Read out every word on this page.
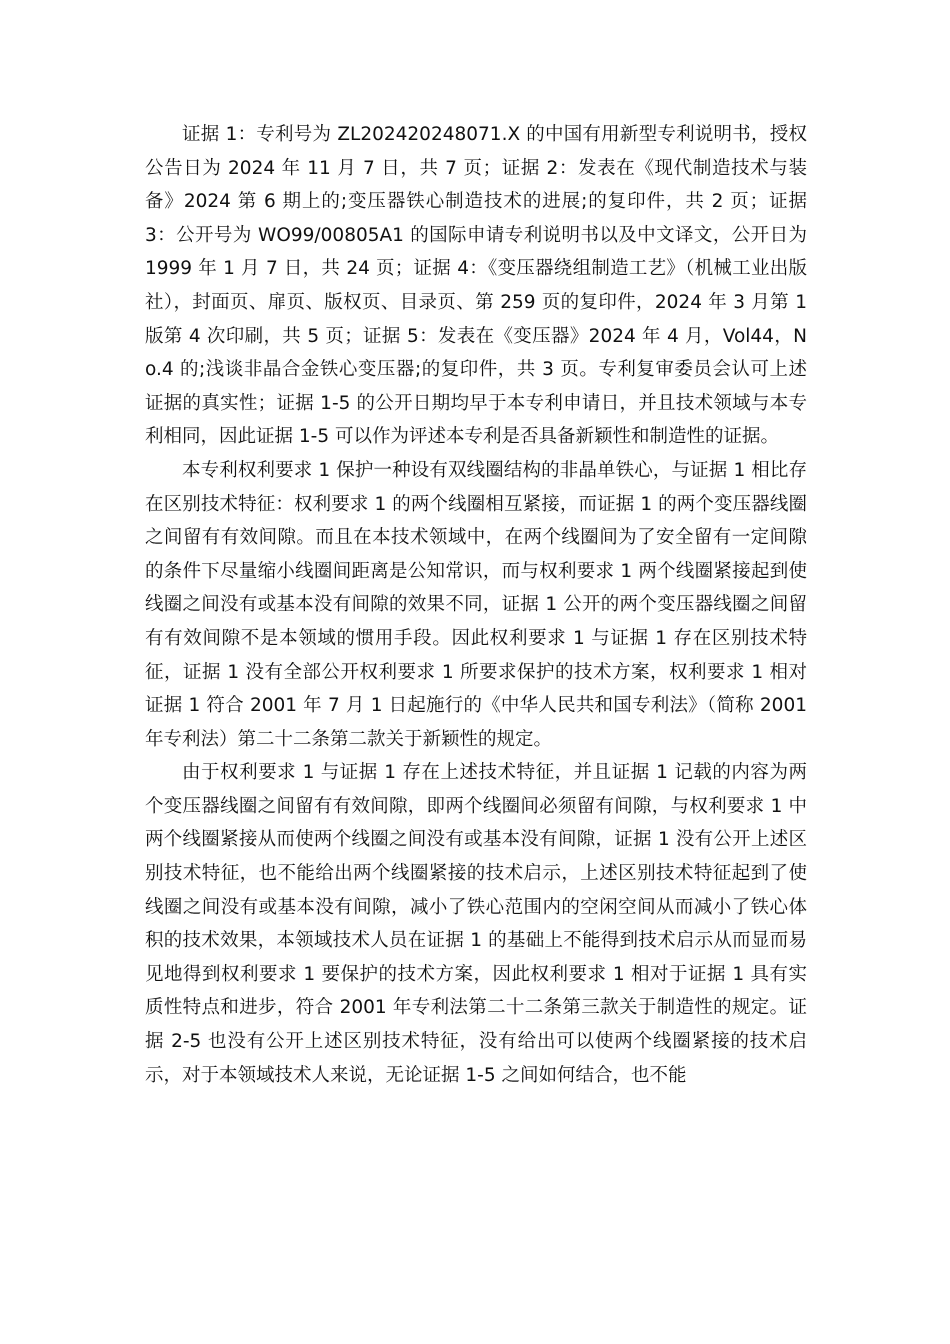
证据 1：专利号为 ZL202420248071.X 的中国有用新型专利说明书，授权公告日为 2024 年 11 月 7 日，共 7 页；证据 2：发表在《现代制造技术与装备》2024 第 6 期上的;变压器铁心制造技术的进展;的复印件，共 2 页；证据 3：公开号为 WO99/00805A1 的国际申请专利说明书以及中文译文，公开日为 1999 年 1 月 7 日，共 24 页；证据 4：《变压器绕组制造工艺》（机械工业出版社），封面页、扉页、版权页、目录页、第 259 页的复印件，2024 年 3 月第 1 版第 4 次印刷，共 5 页；证据 5：发表在《变压器》2024 年 4 月，Vol44，No.4 的;浅谈非晶合金铁心变压器;的复印件，共 3 页。专利复审委员会认可上述证据的真实性；证据 1-5 的公开日期均早于本专利申请日，并且技术领域与本专利相同，因此证据 1-5 可以作为评述本专利是否具备新颖性和制造性的证据。

本专利权利要求 1 保护一种设有双线圈结构的非晶单铁心，与证据 1 相比存在区别技术特征：权利要求 1 的两个线圈相互紧接，而证据 1 的两个变压器线圈之间留有有效间隙。而且在本技术领域中，在两个线圈间为了安全留有一定间隙的条件下尽量缩小线圈间距离是公知常识，而与权利要求 1 两个线圈紧接起到使线圈之间没有或基本没有间隙的效果不同，证据 1 公开的两个变压器线圈之间留有有效间隙不是本领域的惯用手段。因此权利要求 1 与证据 1 存在区别技术特征，证据 1 没有全部公开权利要求 1 所要求保护的技术方案，权利要求 1 相对证据 1 符合 2001 年 7 月 1 日起施行的《中华人民共和国专利法》（简称 2001 年专利法）第二十二条第二款关于新颖性的规定。

由于权利要求 1 与证据 1 存在上述技术特征，并且证据 1 记载的内容为两个变压器线圈之间留有有效间隙，即两个线圈间必须留有间隙，与权利要求 1 中两个线圈紧接从而使两个线圈之间没有或基本没有间隙，证据 1 没有公开上述区别技术特征，也不能给出两个线圈紧接的技术启示，上述区别技术特征起到了使线圈之间没有或基本没有间隙，减小了铁心范围内的空闲空间从而减小了铁心体积的技术效果，本领域技术人员在证据 1 的基础上不能得到技术启示从而显而易见地得到权利要求 1 要保护的技术方案，因此权利要求 1 相对于证据 1 具有实质性特点和进步，符合 2001 年专利法第二十二条第三款关于制造性的规定。证据 2-5 也没有公开上述区别技术特征，没有给出可以使两个线圈紧接的技术启示，对于本领域技术人来说，无论证据 1-5 之间如何结合，也不能
